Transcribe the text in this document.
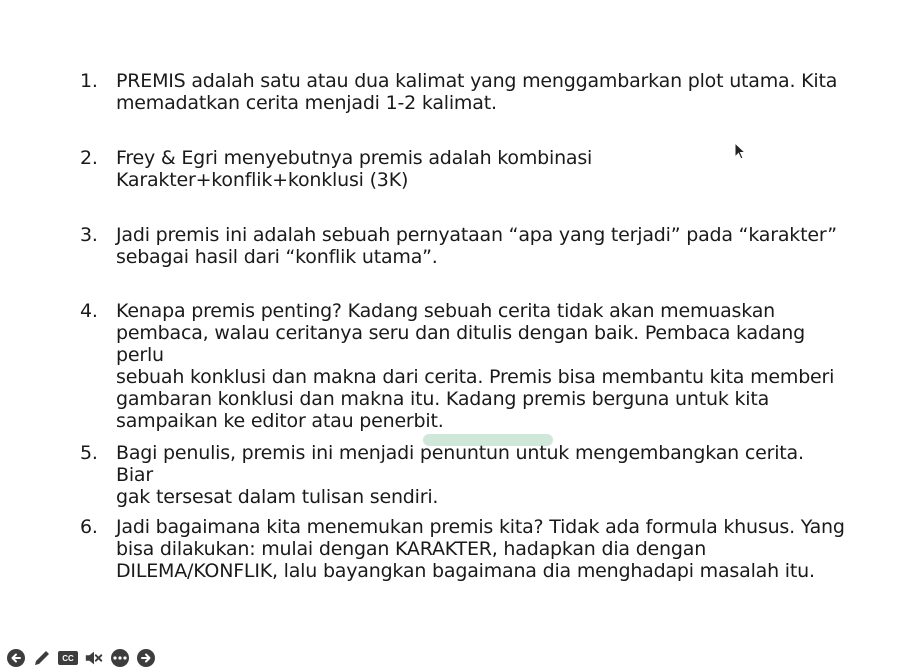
1. PREMIS adalah satu atau dua kalimat yang menggambarkan plot utama. Kita
memadatkan cerita menjadi 1-2 kalimat.
2. Frey & Egri menyebutnya premis adalah kombinasi
Karakter+konflik+konklusi (3K)
3. Jadi premis ini adalah sebuah pernyataan “apa yang terjadi” pada “karakter”
sebagai hasil dari “konflik utama”.
4. Kenapa premis penting? Kadang sebuah cerita tidak akan memuaskan
pembaca, walau ceritanya seru dan ditulis dengan baik. Pembaca kadang perlu
sebuah konklusi dan makna dari cerita. Premis bisa membantu kita memberi
gambaran konklusi dan makna itu. Kadang premis berguna untuk kita
sampaikan ke editor atau penerbit.
5. Bagi penulis, premis ini menjadi penuntun untuk mengembangkan cerita. Biar
gak tersesat dalam tulisan sendiri.
6. Jadi bagaimana kita menemukan premis kita? Tidak ada formula khusus. Yang
bisa dilakukan: mulai dengan KARAKTER, hadapkan dia dengan
DILEMA/KONFLIK, lalu bayangkan bagaimana dia menghadapi masalah itu.
CC
